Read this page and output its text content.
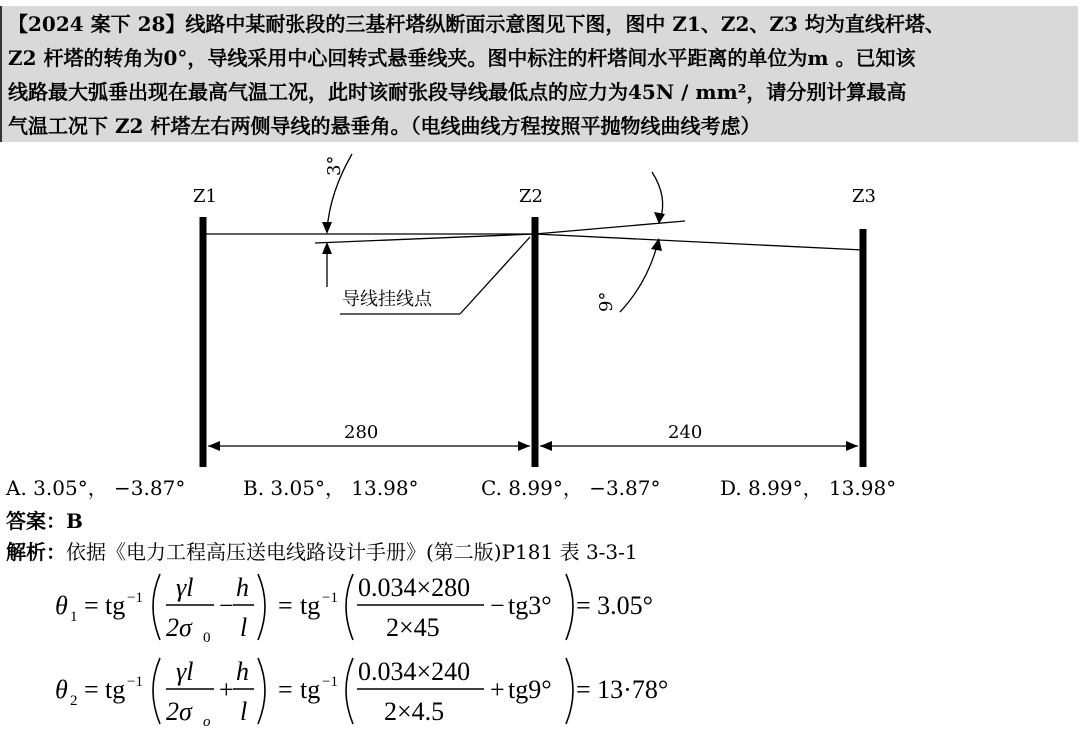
【2024 案下 28】线路中某耐张段的三基杆塔纵断面示意图见下图，图中 Z1、Z2、Z3 均为直线杆塔、
Z2 杆塔的转角为0°，导线采用中心回转式悬垂线夹。图中标注的杆塔间水平距离的单位为m 。已知该
线路最大弧垂出现在最高气温工况，此时该耐张段导线最低点的应力为45N / mm²，请分别计算最高
气温工况下 Z2 杆塔左右两侧导线的悬垂角。（电线曲线方程按照平抛物线曲线考虑）
Z1	Z2	Z3
3°
9°
导线挂线点
280	240
A. 3.05°， −3.87°	B. 3.05°， 13.98°	C. 8.99°， −3.87°	D. 8.99°， 13.98°
答案：B
解析：依据《电力工程高压送电线路设计手册》(第二版)P181 表 3-3-1
θ 1 = tg −1 γl
2σ 0
−
h
l
= tg −1 0.034×280
2×45
− tg3° = 3.05°
θ 2 = tg −1 γl
2σ o
+
h
l
= tg −1 0.034×240
2×4.5
+ tg9° = 13·78°
